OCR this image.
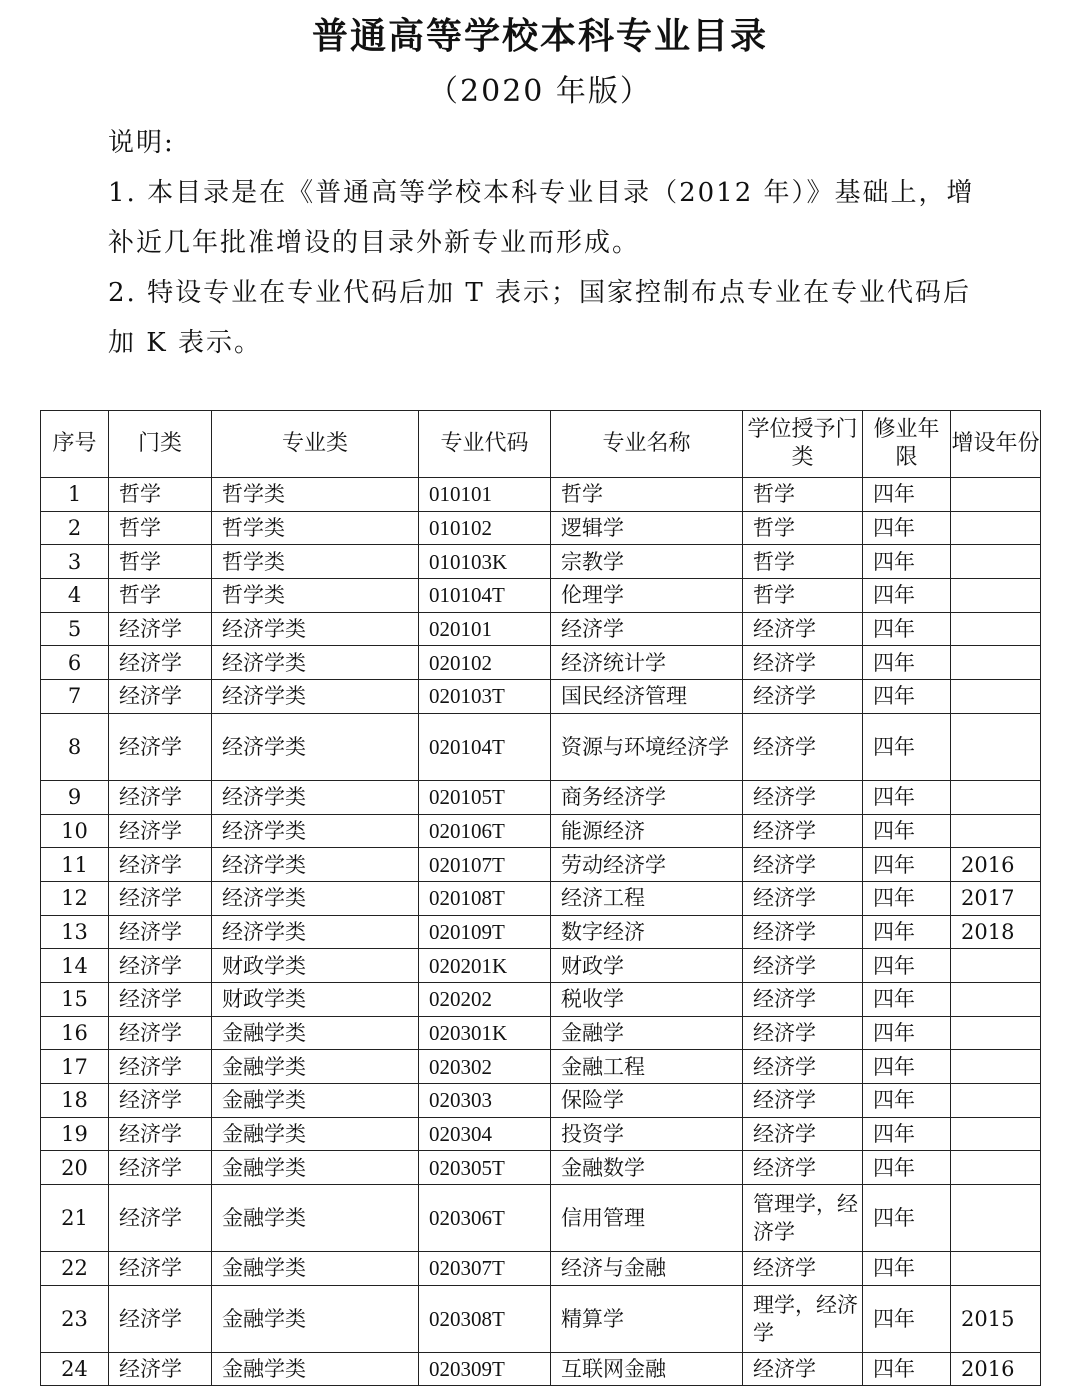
普通高等学校本科专业目录
（2020 年版）

说明:

1. 本目录是在《普通高等学校本科专业目录（2012 年）》基础上，增补近几年批准增设的目录外新专业而形成。

2. 特设专业在专业代码后加 T 表示；国家控制布点专业在专业代码后加 K 表示。

序号	门类	专业类	专业代码	专业名称	学位授予门类	修业年限	增设年份
1	哲学	哲学类	010101	哲学	哲学	四年	
2	哲学	哲学类	010102	逻辑学	哲学	四年	
3	哲学	哲学类	010103K	宗教学	哲学	四年	
4	哲学	哲学类	010104T	伦理学	哲学	四年	
5	经济学	经济学类	020101	经济学	经济学	四年	
6	经济学	经济学类	020102	经济统计学	经济学	四年	
7	经济学	经济学类	020103T	国民经济管理	经济学	四年	
8	经济学	经济学类	020104T	资源与环境经济学	经济学	四年	
9	经济学	经济学类	020105T	商务经济学	经济学	四年	
10	经济学	经济学类	020106T	能源经济	经济学	四年	
11	经济学	经济学类	020107T	劳动经济学	经济学	四年	2016
12	经济学	经济学类	020108T	经济工程	经济学	四年	2017
13	经济学	经济学类	020109T	数字经济	经济学	四年	2018
14	经济学	财政学类	020201K	财政学	经济学	四年	
15	经济学	财政学类	020202	税收学	经济学	四年	
16	经济学	金融学类	020301K	金融学	经济学	四年	
17	经济学	金融学类	020302	金融工程	经济学	四年	
18	经济学	金融学类	020303	保险学	经济学	四年	
19	经济学	金融学类	020304	投资学	经济学	四年	
20	经济学	金融学类	020305T	金融数学	经济学	四年	
21	经济学	金融学类	020306T	信用管理	管理学，经济学	四年	
22	经济学	金融学类	020307T	经济与金融	经济学	四年	
23	经济学	金融学类	020308T	精算学	理学，经济学	四年	2015
24	经济学	金融学类	020309T	互联网金融	经济学	四年	2016
